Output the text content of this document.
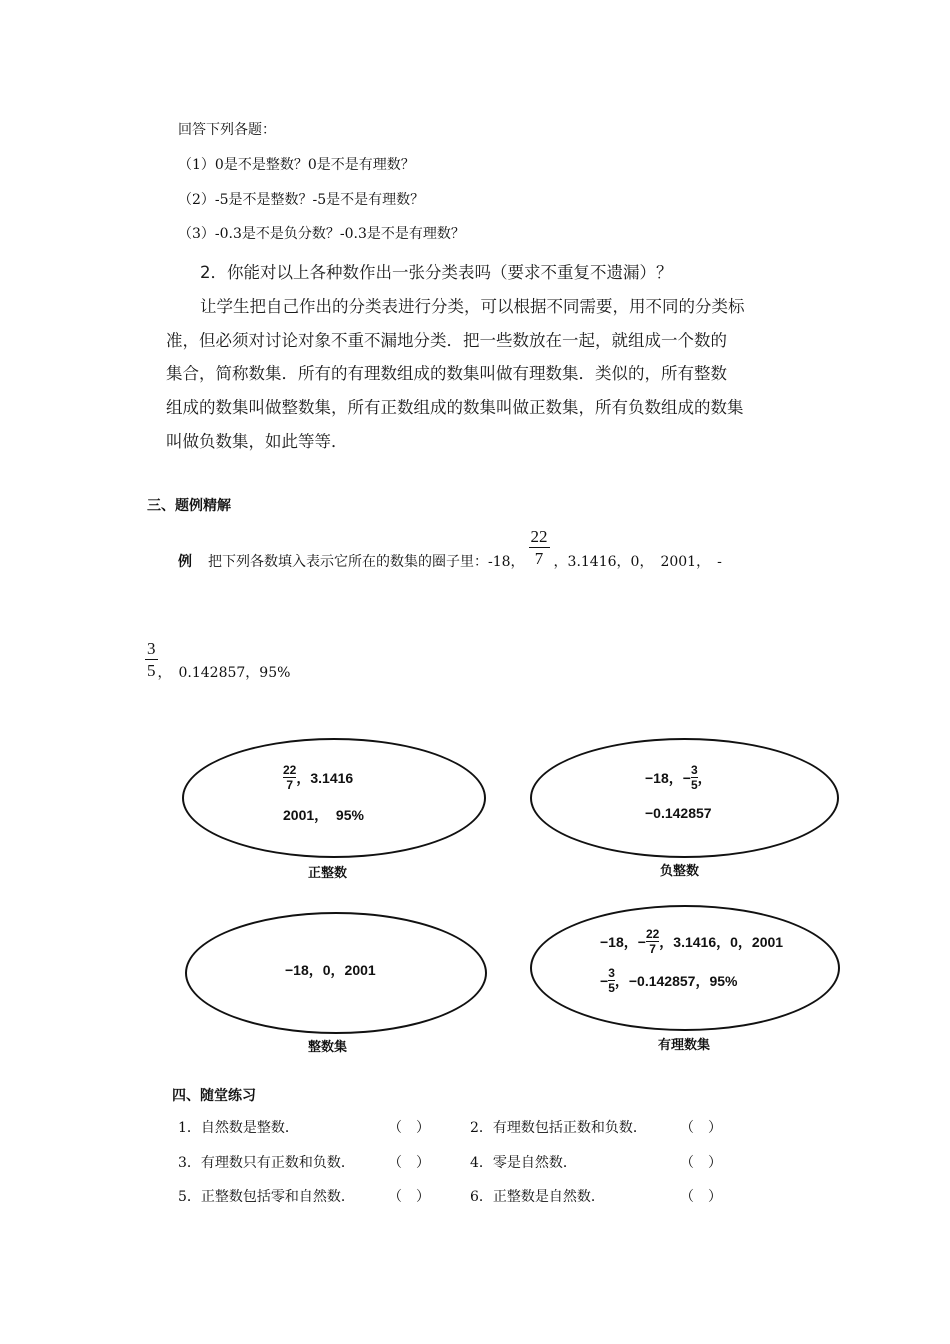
回答下列各题：
（1）0是不是整数？0是不是有理数？
（2）-5是不是整数？-5是不是有理数？
（3）-0.3是不是负分数？-0.3是不是有理数？
2．你能对以上各种数作出一张分类表吗（要求不重复不遗漏）？
让学生把自己作出的分类表进行分类，可以根据不同需要，用不同的分类标
准，但必须对讨论对象不重不漏地分类．把一些数放在一起，就组成一个数的
集合，简称数集．所有的有理数组成的数集叫做有理数集．类似的，所有整数
组成的数集叫做整数集，所有正数组成的数集叫做正数集，所有负数组成的数集
叫做负数集，如此等等．
三、题例精解
例 把下列各数填入表示它所在的数集的圈子里：-18， $\frac{22}{7}$ ，3.1416，0，　2001，　-
$\frac{3}{5}$ ，　0.142857，95%
22
7 ，3.1416
2001，  95%
正整数
−18，− 3
5 ，
−0.142857
负整数
−18，0，2001
整数集
−18，− 22
7 ，3.1416，0，2001
− 3
5 ，−0.142857，95%
有理数集
四、随堂练习
1．自然数是整数．	（　）	2．有理数包括正数和负数． （　）
3．有理数只有正数和负数． （　）	4．零是自然数．	（　）
5．正整数包括零和自然数． （　）	6．正整数是自然数．	（　）
